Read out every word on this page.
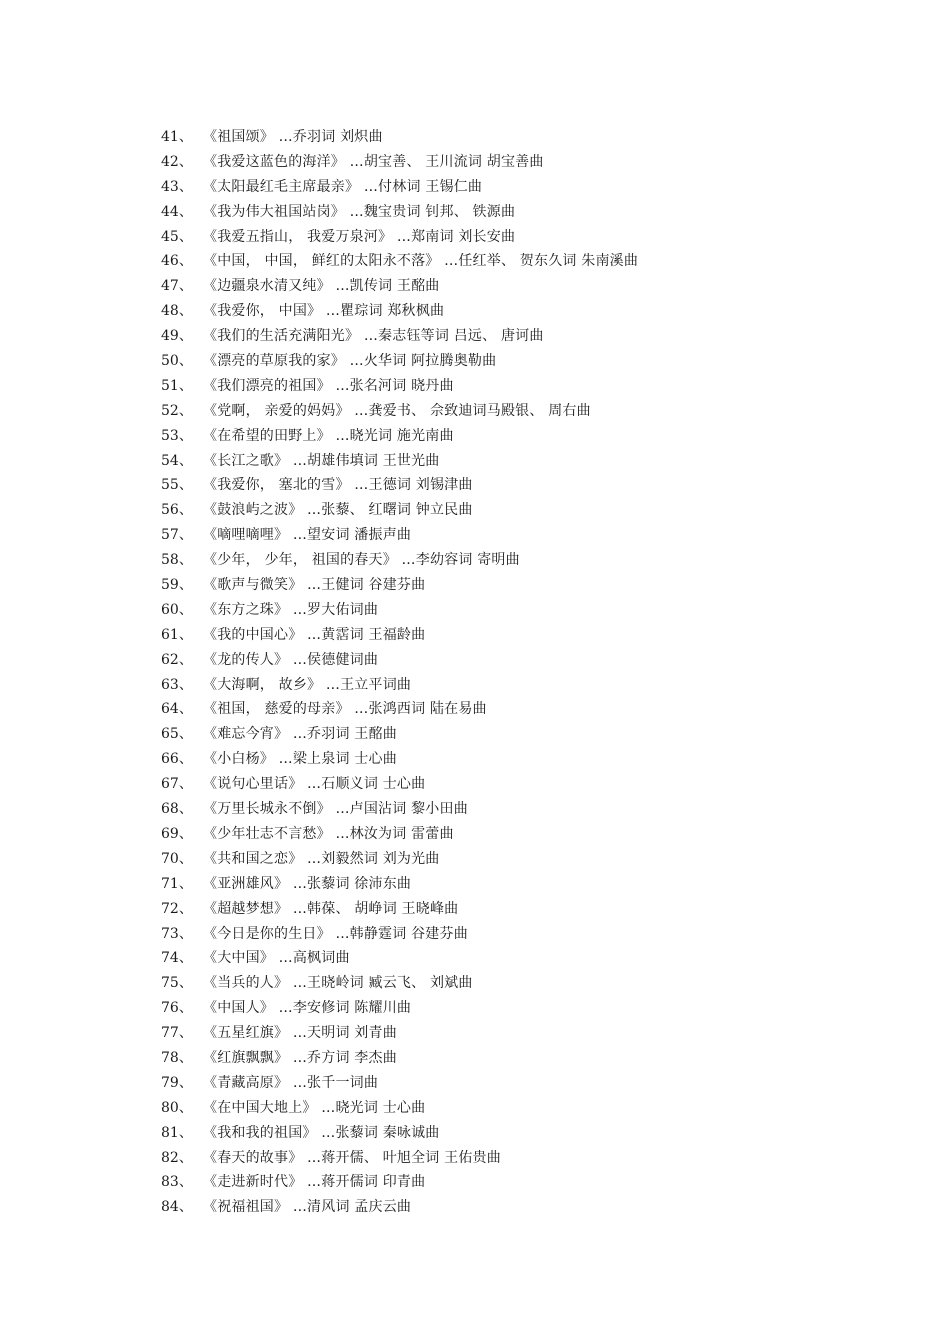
41、 《祖国颂》 …乔羽词 刘炽曲
42、 《我爱这蓝色的海洋》 …胡宝善、 王川流词 胡宝善曲
43、 《太阳最红毛主席最亲》 …付林词 王锡仁曲
44、 《我为伟大祖国站岗》 …魏宝贵词 钊邦、 铁源曲
45、 《我爱五指山， 我爱万泉河》 …郑南词 刘长安曲
46、 《中国， 中国， 鲜红的太阳永不落》 …任红举、 贺东久词 朱南溪曲
47、 《边疆泉水清又纯》 …凯传词 王酩曲
48、 《我爱你， 中国》 …瞿琮词 郑秋枫曲
49、 《我们的生活充满阳光》 …秦志钰等词 吕远、 唐诃曲
50、 《漂亮的草原我的家》 …火华词 阿拉腾奥勒曲
51、 《我们漂亮的祖国》 …张名河词 晓丹曲
52、 《党啊， 亲爱的妈妈》 …龚爱书、 佘致迪词马殿银、 周右曲
53、 《在希望的田野上》 …晓光词 施光南曲
54、 《长江之歌》 …胡雄伟填词 王世光曲
55、 《我爱你， 塞北的雪》 …王德词 刘锡津曲
56、 《鼓浪屿之波》 …张藜、 红曙词 钟立民曲
57、 《嘀哩嘀哩》 …望安词 潘振声曲
58、 《少年， 少年， 祖国的春天》 …李幼容词 寄明曲
59、 《歌声与微笑》 …王健词 谷建芬曲
60、 《东方之珠》 …罗大佑词曲
61、 《我的中国心》 …黄霑词 王福龄曲
62、 《龙的传人》 …侯德健词曲
63、 《大海啊， 故乡》 …王立平词曲
64、 《祖国， 慈爱的母亲》 …张鸿西词 陆在易曲
65、 《难忘今宵》 …乔羽词 王酩曲
66、 《小白杨》 …梁上泉词 士心曲
67、 《说句心里话》 …石顺义词 士心曲
68、 《万里长城永不倒》 …卢国沾词 黎小田曲
69、 《少年壮志不言愁》 …林汝为词 雷蕾曲
70、 《共和国之恋》 …刘毅然词 刘为光曲
71、 《亚洲雄风》 …张藜词 徐沛东曲
72、 《超越梦想》 …韩葆、 胡峥词 王晓峰曲
73、 《今日是你的生日》 …韩静霆词 谷建芬曲
74、 《大中国》 …高枫词曲
75、 《当兵的人》 …王晓岭词 臧云飞、 刘斌曲
76、 《中国人》 …李安修词 陈耀川曲
77、 《五星红旗》 …天明词 刘青曲
78、 《红旗飘飘》 …乔方词 李杰曲
79、 《青藏高原》 …张千一词曲
80、 《在中国大地上》 …晓光词 士心曲
81、 《我和我的祖国》 …张藜词 秦咏诚曲
82、 《春天的故事》 …蒋开儒、 叶旭全词 王佑贵曲
83、 《走进新时代》 …蒋开儒词 印青曲
84、 《祝福祖国》 …清风词 孟庆云曲
